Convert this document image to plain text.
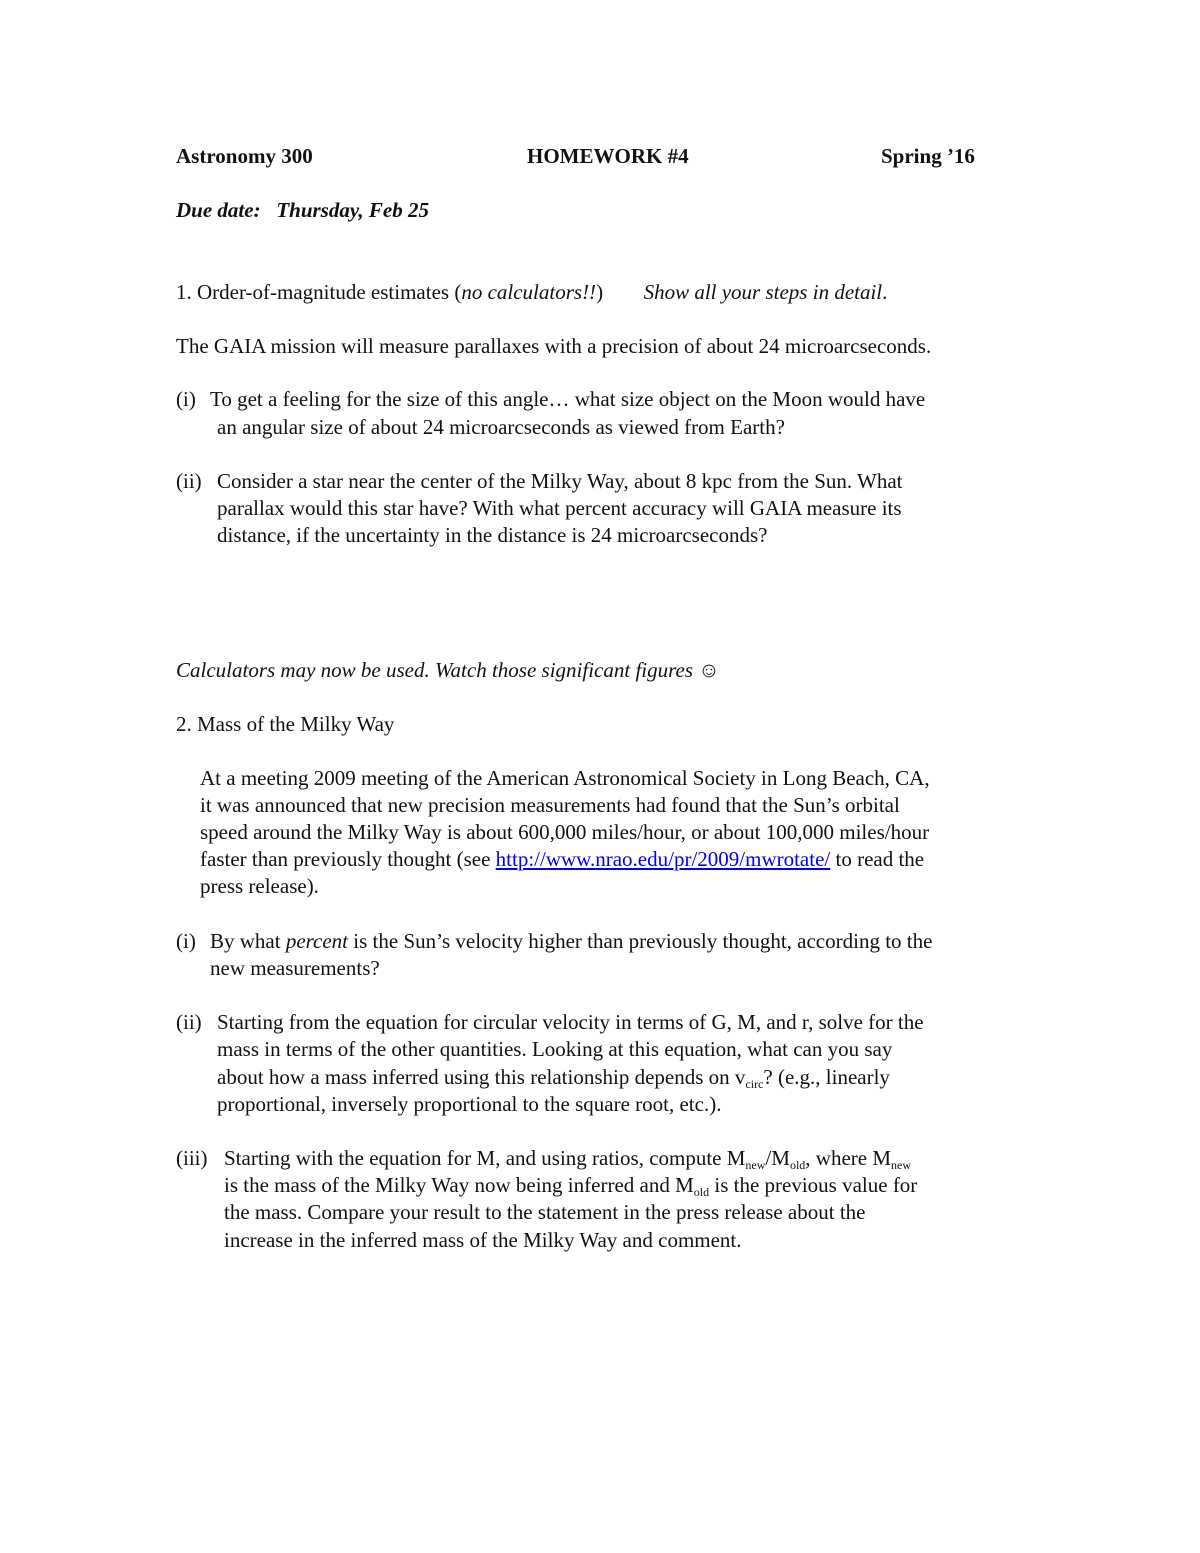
Astronomy 300	HOMEWORK #4	Spring ’16
Due date: Thursday, Feb 25
1. Order-of-magnitude estimates (no calculators!!) Show all your steps in detail.
The GAIA mission will measure parallaxes with a precision of about 24 microarcseconds.
(i) To get a feeling for the size of this angle… what size object on the Moon would have
an angular size of about 24 microarcseconds as viewed from Earth?
(ii) Consider a star near the center of the Milky Way, about 8 kpc from the Sun. What
parallax would this star have? With what percent accuracy will GAIA measure its
distance, if the uncertainty in the distance is 24 microarcseconds?
Calculators may now be used. Watch those significant figures ☺
2. Mass of the Milky Way
At a meeting 2009 meeting of the American Astronomical Society in Long Beach, CA,
it was announced that new precision measurements had found that the Sun’s orbital
speed around the Milky Way is about 600,000 miles/hour, or about 100,000 miles/hour
faster than previously thought (see http://www.nrao.edu/pr/2009/mwrotate/ to read the
press release).
(i) By what percent is the Sun’s velocity higher than previously thought, according to the
new measurements?
(ii) Starting from the equation for circular velocity in terms of G, M, and r, solve for the
mass in terms of the other quantities. Looking at this equation, what can you say
about how a mass inferred using this relationship depends on $v_{circ}$? (e.g., linearly
proportional, inversely proportional to the square root, etc.).
(iii) Starting with the equation for M, and using ratios, compute $M_{new}/M_{old}$, where $M_{new}$
is the mass of the Milky Way now being inferred and $M_{old}$ is the previous value for
the mass. Compare your result to the statement in the press release about the
increase in the inferred mass of the Milky Way and comment.
